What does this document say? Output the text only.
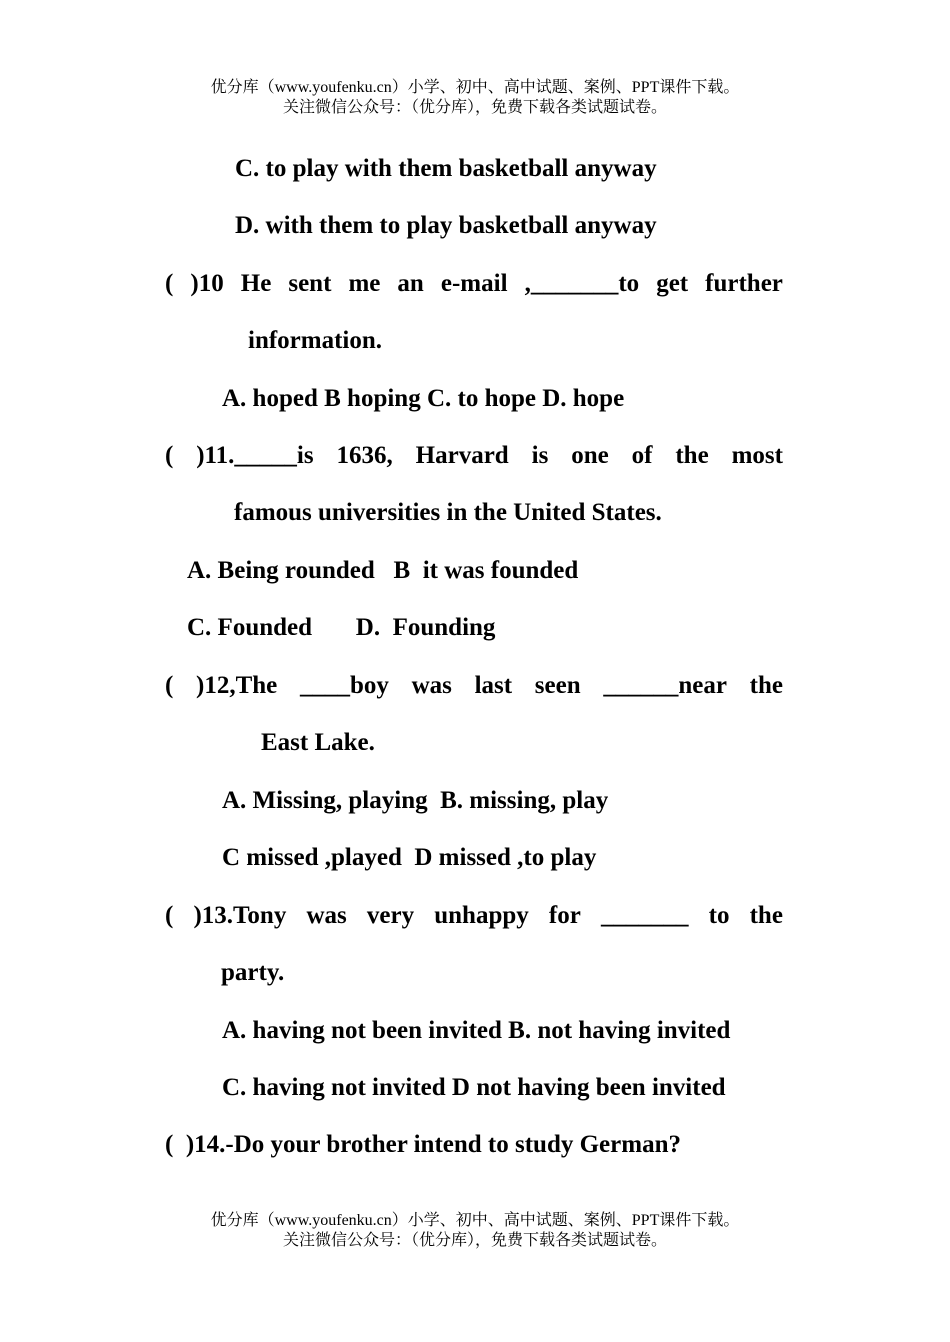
优分库（www.youfenku.cn）小学、初中、高中试题、案例、PPT课件下载。
关注微信公众号：（优分库），免费下载各类试题试卷。
C. to play with them basketball anyway
D. with them to play basketball anyway
( )10 He sent me an e-mail ,_______to get further
information.
A. hoped B hoping C. to hope D. hope
( )11._____is 1636, Harvard is one of the most
famous universities in the United States.
A. Being rounded   B  it was founded
C. Founded       D.  Founding
( )12,The ____boy was last seen ______near the
East Lake.
A. Missing, playing  B. missing, play
C missed ,played  D missed ,to play
( )13.Tony was very unhappy for _______ to the
party.
A. having not been invited B. not having invited
C. having not invited D not having been invited
(  )14.-Do your brother intend to study German?
优分库（www.youfenku.cn）小学、初中、高中试题、案例、PPT课件下载。
关注微信公众号：（优分库），免费下载各类试题试卷。
